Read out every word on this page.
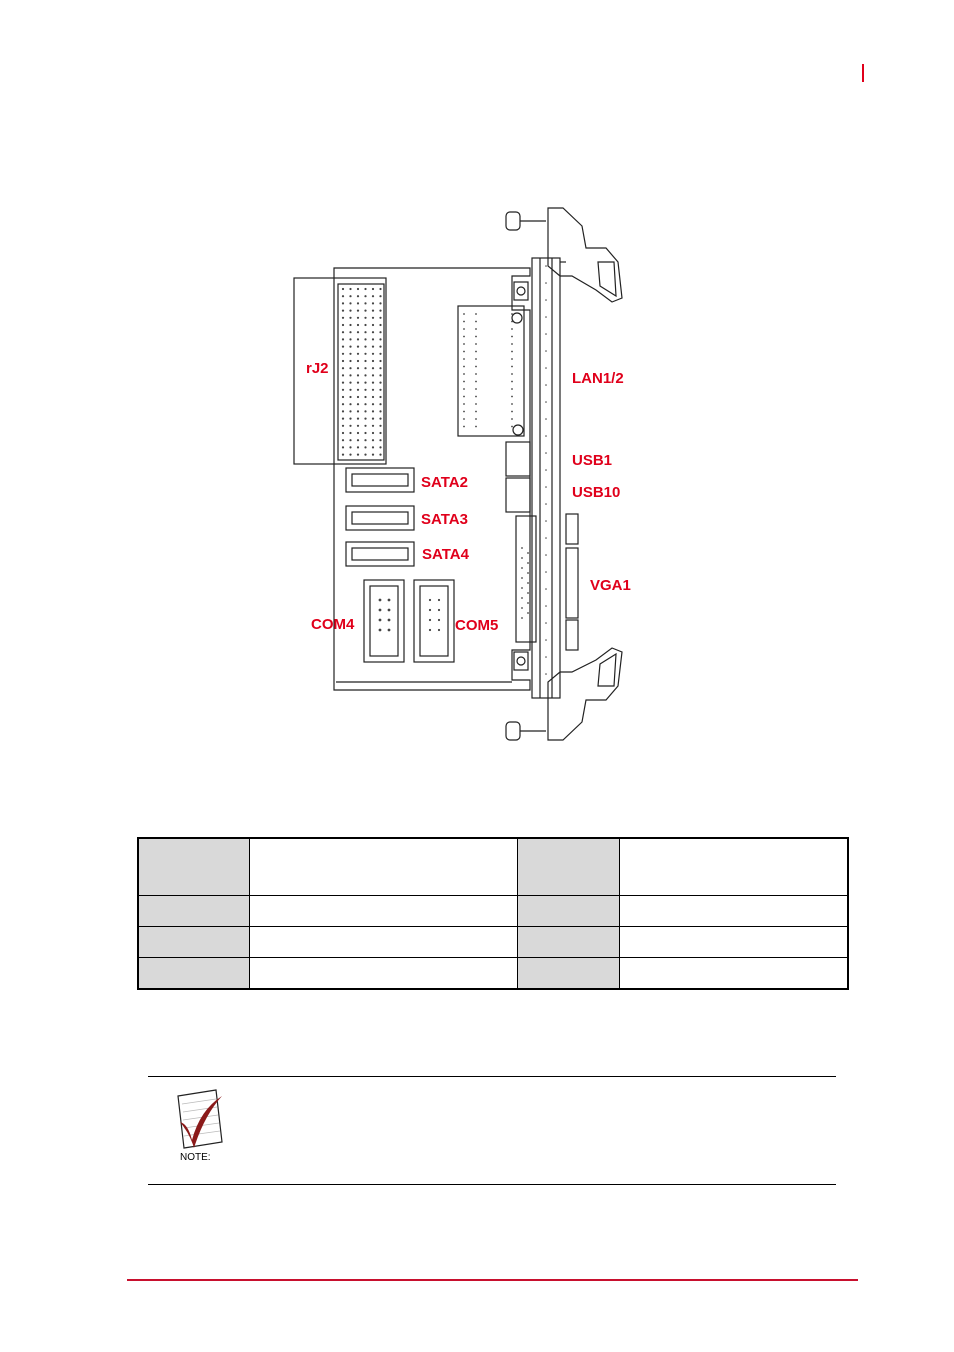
rJ2
LAN1/2
USB1
USB10
SATA2
SATA3
SATA4
VGA1
COM4	COM5

NOTE:
